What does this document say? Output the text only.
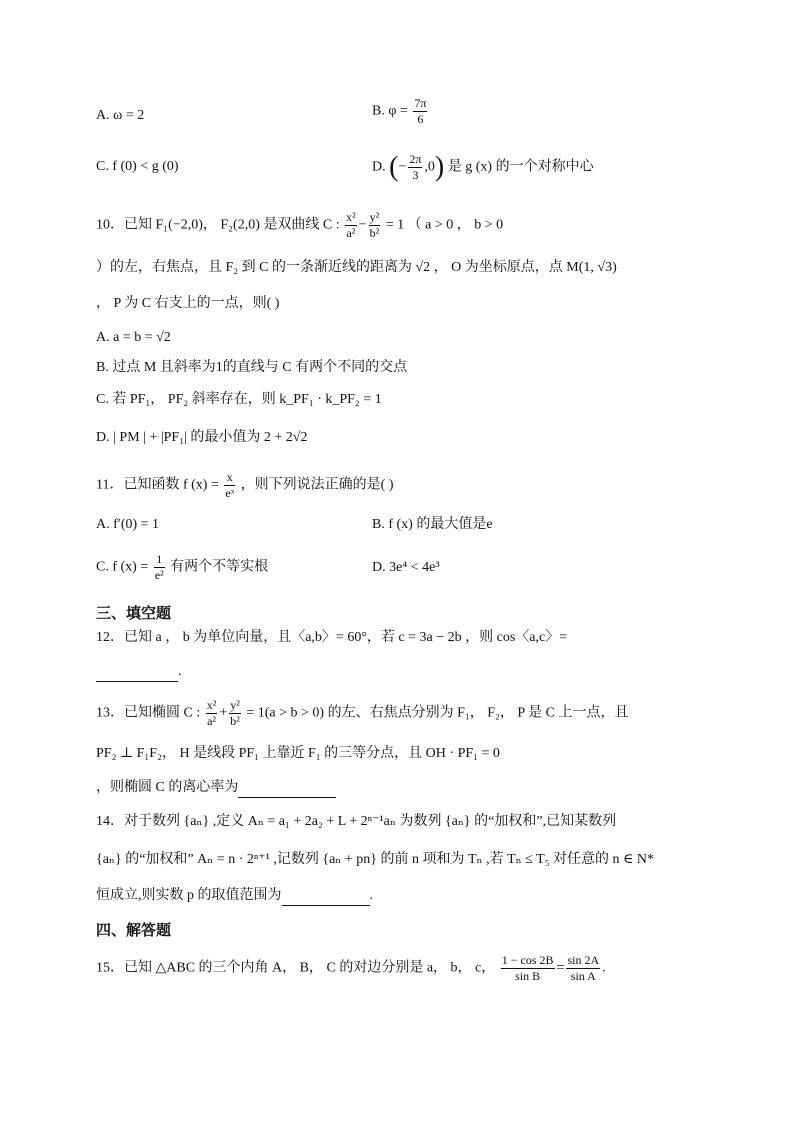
A. ω = 2	B. $\varphi = \frac{7\pi}{6}$
C. f (0) < g (0)	D. (− $\frac{2\pi}{3} ,0$) 是 g (x) 的一个对称中心
10．已知 F₁(−2,0)， F₂(2,0) 是双曲线 C : $\frac{\text{x²}}{\text{a²}} - \frac{\text{y²}}{\text{b²}} = 1$ （ a > 0 ， b > 0
）的左，右焦点，且 F₂ 到 C 的一条渐近线的距离为 √2 ， O 为坐标原点，点 M(1, √3)
， P 为 C 右支上的一点，则( )
A. a = b = √2
B. 过点 M 且斜率为1的直线与 C 有两个不同的交点
C. 若 PF₁， PF₂ 斜率存在，则 k_PF₁ · k_PF₂ = 1
D. | PM | + |PF₁| 的最小值为 2 + 2√2
11．已知函数 f $(x) = \frac{x}{\text{eˣ}}$ ，则下列说法正确的是( )
A. f′(0) = 1	B. f (x) 的最大值是e
C. f $(x) = \frac{1}{\text{e²}}$ 有两个不等实根	D. 3e⁴ < 4e³
三、填空题
12．已知 a ， b 为单位向量，且〈a,b〉= 60°，若 c = 3a − 2b ，则 cos〈a,c〉=
.
13．已知椭圆 C : $\frac{\text{x²}}{\text{a²}} + \frac{\text{y²}}{\text{b²}} = 1(a > b > 0)$ 的左、右焦点分别为 F₁， F₂， P 是 C 上一点，且
PF₂ ⊥ F₁F₂， H 是线段 PF₁ 上靠近 F₁ 的三等分点，且 OH · PF₁ = 0
，则椭圆 C 的离心率为
14．对于数列 {aₙ} ,定义 Aₙ = a₁ + 2a₂ + L + 2ⁿ⁻¹aₙ 为数列 {aₙ} 的“加权和”,已知某数列
{aₙ} 的“加权和” Aₙ = n · 2ⁿ⁺¹ ,记数列 {aₙ + pn} 的前 n 项和为 Tₙ ,若 Tₙ ≤ T₅ 对任意的 n ∈ N*
恒成立,则实数 p 的取值范围为	.
四、解答题
15．已知 △ABC 的三个内角 A， B， C 的对边分别是 a， b， c， $\frac{1 - \cos 2B}{\text{sin B}} = \frac{\sin 2A}{\text{sin A}}$ .
